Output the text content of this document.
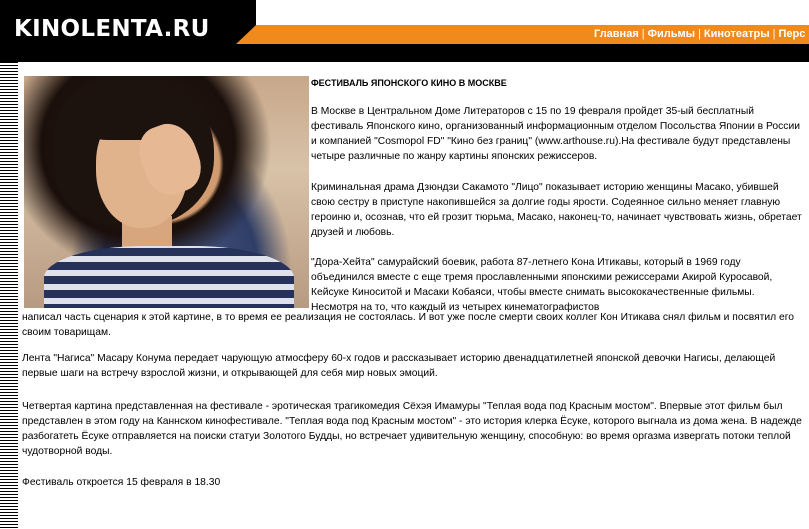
KINOLENTA.RU	Главная | Фильмы | Кинотеатры | Перс

ФЕСТИВАЛЬ ЯПОНСКОГО КИНО В МОСКВЕ

В Москве в Центральном Доме Литераторов с 15 по 19 февраля пройдет 35-ый бесплатный фестиваль Японского кино, организованный информационным отделом Посольства Японии в России и компанией "Cosmopol FD" "Кино без границ" (www.arthouse.ru).На фестивале будут представлены четыре различные по жанру картины японских режиссеров.

Криминальная драма Дзюндзи Сакамото "Лицо" показывает историю женщины Масако, убившей свою сестру в приступе накопившейся за долгие годы ярости. Содеянное сильно меняет главную героиню и, осознав, что ей грозит тюрьма, Масако, наконец-то, начинает чувствовать жизнь, обретает друзей и любовь.

"Дора-Хейта" самурайский боевик, работа 87-летнего Кона Итикавы, который в 1969 году объединился вместе с еще тремя прославленными японскими режиссерами Акирой Куросавой, Кейсуке Киноситой и Масаки Кобаяси, чтобы вместе снимать высококачественные фильмы. Несмотря на то, что каждый из четырех кинематографистов

написал часть сценария к этой картине, в то время ее реализация не состоялась. И вот уже после смерти своих коллег Кон Итикава снял фильм и посвятил его своим товарищам.

Лента "Нагиса" Масару Конума передает чарующую атмосферу 60-х годов и рассказывает историю двенадцатилетней японской девочки Нагисы, делающей первые шаги на встречу взрослой жизни, и открывающей для себя мир новых эмоций.

Четвертая картина представленная на фестивале - эротическая трагикомедия Сёхэя Имамуры "Теплая вода под Красным мостом". Впервые этот фильм был представлен в этом году на Каннском кинофестивале. "Теплая вода под Красным мостом" - это история клерка Ёсуке, которого выгнала из дома жена. В надежде разбогатеть Ёсуке отправляется на поиски статуи Золотого Будды, но встречает удивительную женщину, способную: во время оргазма извергать потоки теплой чудотворной воды.

Фестиваль откроется 15 февраля в 18.30
